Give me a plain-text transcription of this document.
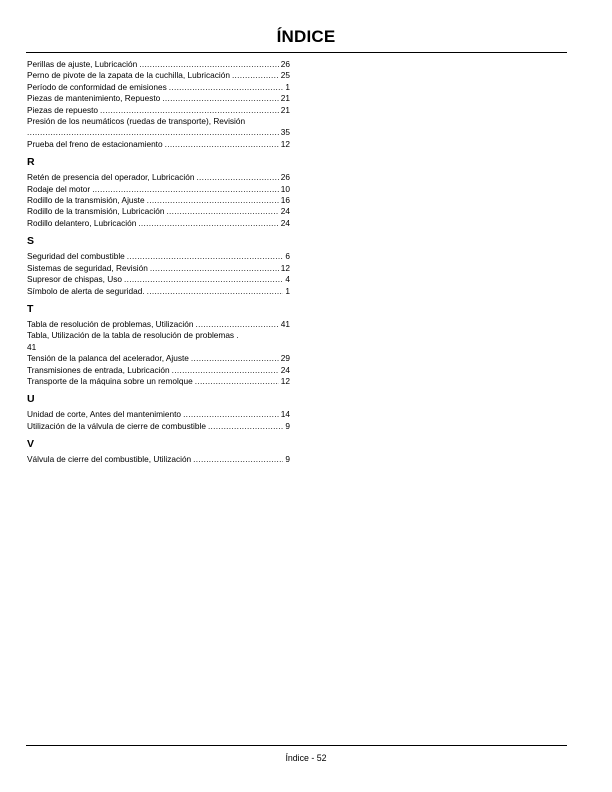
ÍNDICE
Perillas de ajuste, Lubricación .....	26
Perno de pivote de la zapata de la cuchilla, Lubricación .....	25
Período de conformidad de emisiones .....	1
Piezas de mantenimiento, Repuesto .....	21
Piezas de repuesto .....	21
Presión de los neumáticos (ruedas de transporte), Revisión
.....
35
Prueba del freno de estacionamiento .....	12
R
Retén de presencia del operador, Lubricación .....	26
Rodaje del motor .....	10
Rodillo de la transmisión, Ajuste .....	16
Rodillo de la transmisión, Lubricación .....	24
Rodillo delantero, Lubricación .....	24
S
Seguridad del combustible .....	6
Sistemas de seguridad, Revisión .....	12
Supresor de chispas, Uso .....	4
Símbolo de alerta de seguridad. .....	1
T
Tabla de resolución de problemas, Utilización .....	41
Tabla, Utilización de la tabla de resolución de problemas .
41
Tensión de la palanca del acelerador, Ajuste .....	29
Transmisiones de entrada, Lubricación .....	24
Transporte de la máquina sobre un remolque .....	12
U
Unidad de corte, Antes del mantenimiento .....	14
Utilización de la válvula de cierre de combustible .....	9
V
Válvula de cierre del combustible, Utilización .....	9
Índice - 52
